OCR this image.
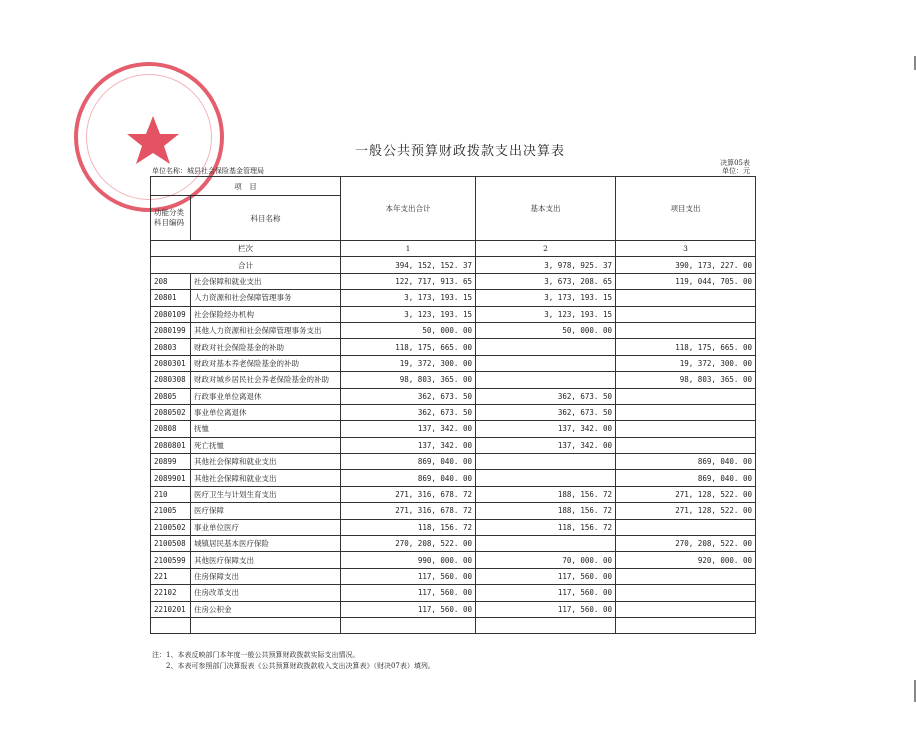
一般公共预算财政拨款支出决算表
决算05表
单位名称：城县社会保险基金管理局	单位：元
项　目		本年支出合计	基本支出	项目支出
功能分类科目编码	科目名称			
栏次		1	2	3
合计		394, 152, 152. 37	3, 978, 925. 37	390, 173, 227. 00
208	社会保障和就业支出	122, 717, 913. 65	3, 673, 208. 65	119, 044, 705. 00
20801	人力资源和社会保障管理事务	3, 173, 193. 15	3, 173, 193. 15	
2080109	社会保险经办机构	3, 123, 193. 15	3, 123, 193. 15	
2080199	其他人力资源和社会保障管理事务支出	50, 000. 00	50, 000. 00	
20803	财政对社会保险基金的补助	118, 175, 665. 00		118, 175, 665. 00
2080301	财政对基本养老保险基金的补助	19, 372, 300. 00		19, 372, 300. 00
2080308	财政对城乡居民社会养老保险基金的补助	98, 803, 365. 00		98, 803, 365. 00
20805	行政事业单位离退休	362, 673. 50	362, 673. 50	
2080502	事业单位离退休	362, 673. 50	362, 673. 50	
20808	抚恤	137, 342. 00	137, 342. 00	
2080801	死亡抚恤	137, 342. 00	137, 342. 00	
20899	其他社会保障和就业支出	869, 040. 00		869, 040. 00
2089901	其他社会保障和就业支出	869, 040. 00		869, 040. 00
210	医疗卫生与计划生育支出	271, 316, 678. 72	188, 156. 72	271, 128, 522. 00
21005	医疗保障	271, 316, 678. 72	188, 156. 72	271, 128, 522. 00
2100502	事业单位医疗	118, 156. 72	118, 156. 72	
2100508	城镇居民基本医疗保险	270, 208, 522. 00		270, 208, 522. 00
2100599	其他医疗保障支出	990, 000. 00	70, 000. 00	920, 000. 00
221	住房保障支出	117, 560. 00	117, 560. 00	
22102	住房改革支出	117, 560. 00	117, 560. 00	
2210201	住房公积金	117, 560. 00	117, 560. 00	

注：1、本表反映部门本年度一般公共预算财政拨款实际支出情况。
　　2、本表可参照部门决算报表《公共预算财政拨款收入支出决算表》（财决07表）填列。
